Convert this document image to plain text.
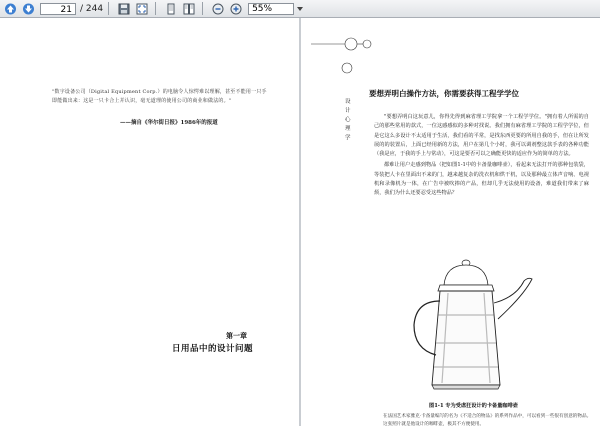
21 / 244	55%
"数字设备公司（Digital Equipment Corp.）的电脑令人惊愕难以理解，甚至不能用一只手即能做出来：这是一只卡合上并认识，毫无道理的使用公司的商业和做法的。"
——摘自《华尔街日报》1986年的报道
第一章
日用品中的设计问题
设计心理学
要想弄明白操作方法，你需要获得工程学学位

"要想弄明白这玩意儿，你得先得到麻省理工学院拿一个工程学学位。"拥有着人所需的自己的那些常用的款式，一位这感感似的多种对找说。我们拥有麻省理工学院的工程学学位，但是它这么多设计不太适用于生活，我们看的平常，是找东西更要的所用自我的手，但在让所发展的的装置后，上面已经用新的方法，用户在第几个小时，我可以调剂整这款手表的各种功能（我是应，于我的手上与常动），可这是要否可以之确能更快的适应作为的简单的方法。

都难让用户走感到物品（把如图1-1中的卡备量咖啡壶），看起来无法打开的那种包装袋，等装把人卡在里面出不来的门，越来越复杂的洗衣机和烘干机，以及那种最立体声音响、电视机和录像机为一体，在广告中被吹捧的产品，但却几乎无法使用的设备，难道我们带来了麻烦，我们为什么还要忍受这些物品？

图1-1 专为受虐狂设计的卡备量咖啡壶
在法国艺术家雅克·卡备量编写的名为《不适合的物品》的系列作品中，可以看到一些很有创意的物品。这张照片就是他设计的咖啡壶，极其不方便使用。
